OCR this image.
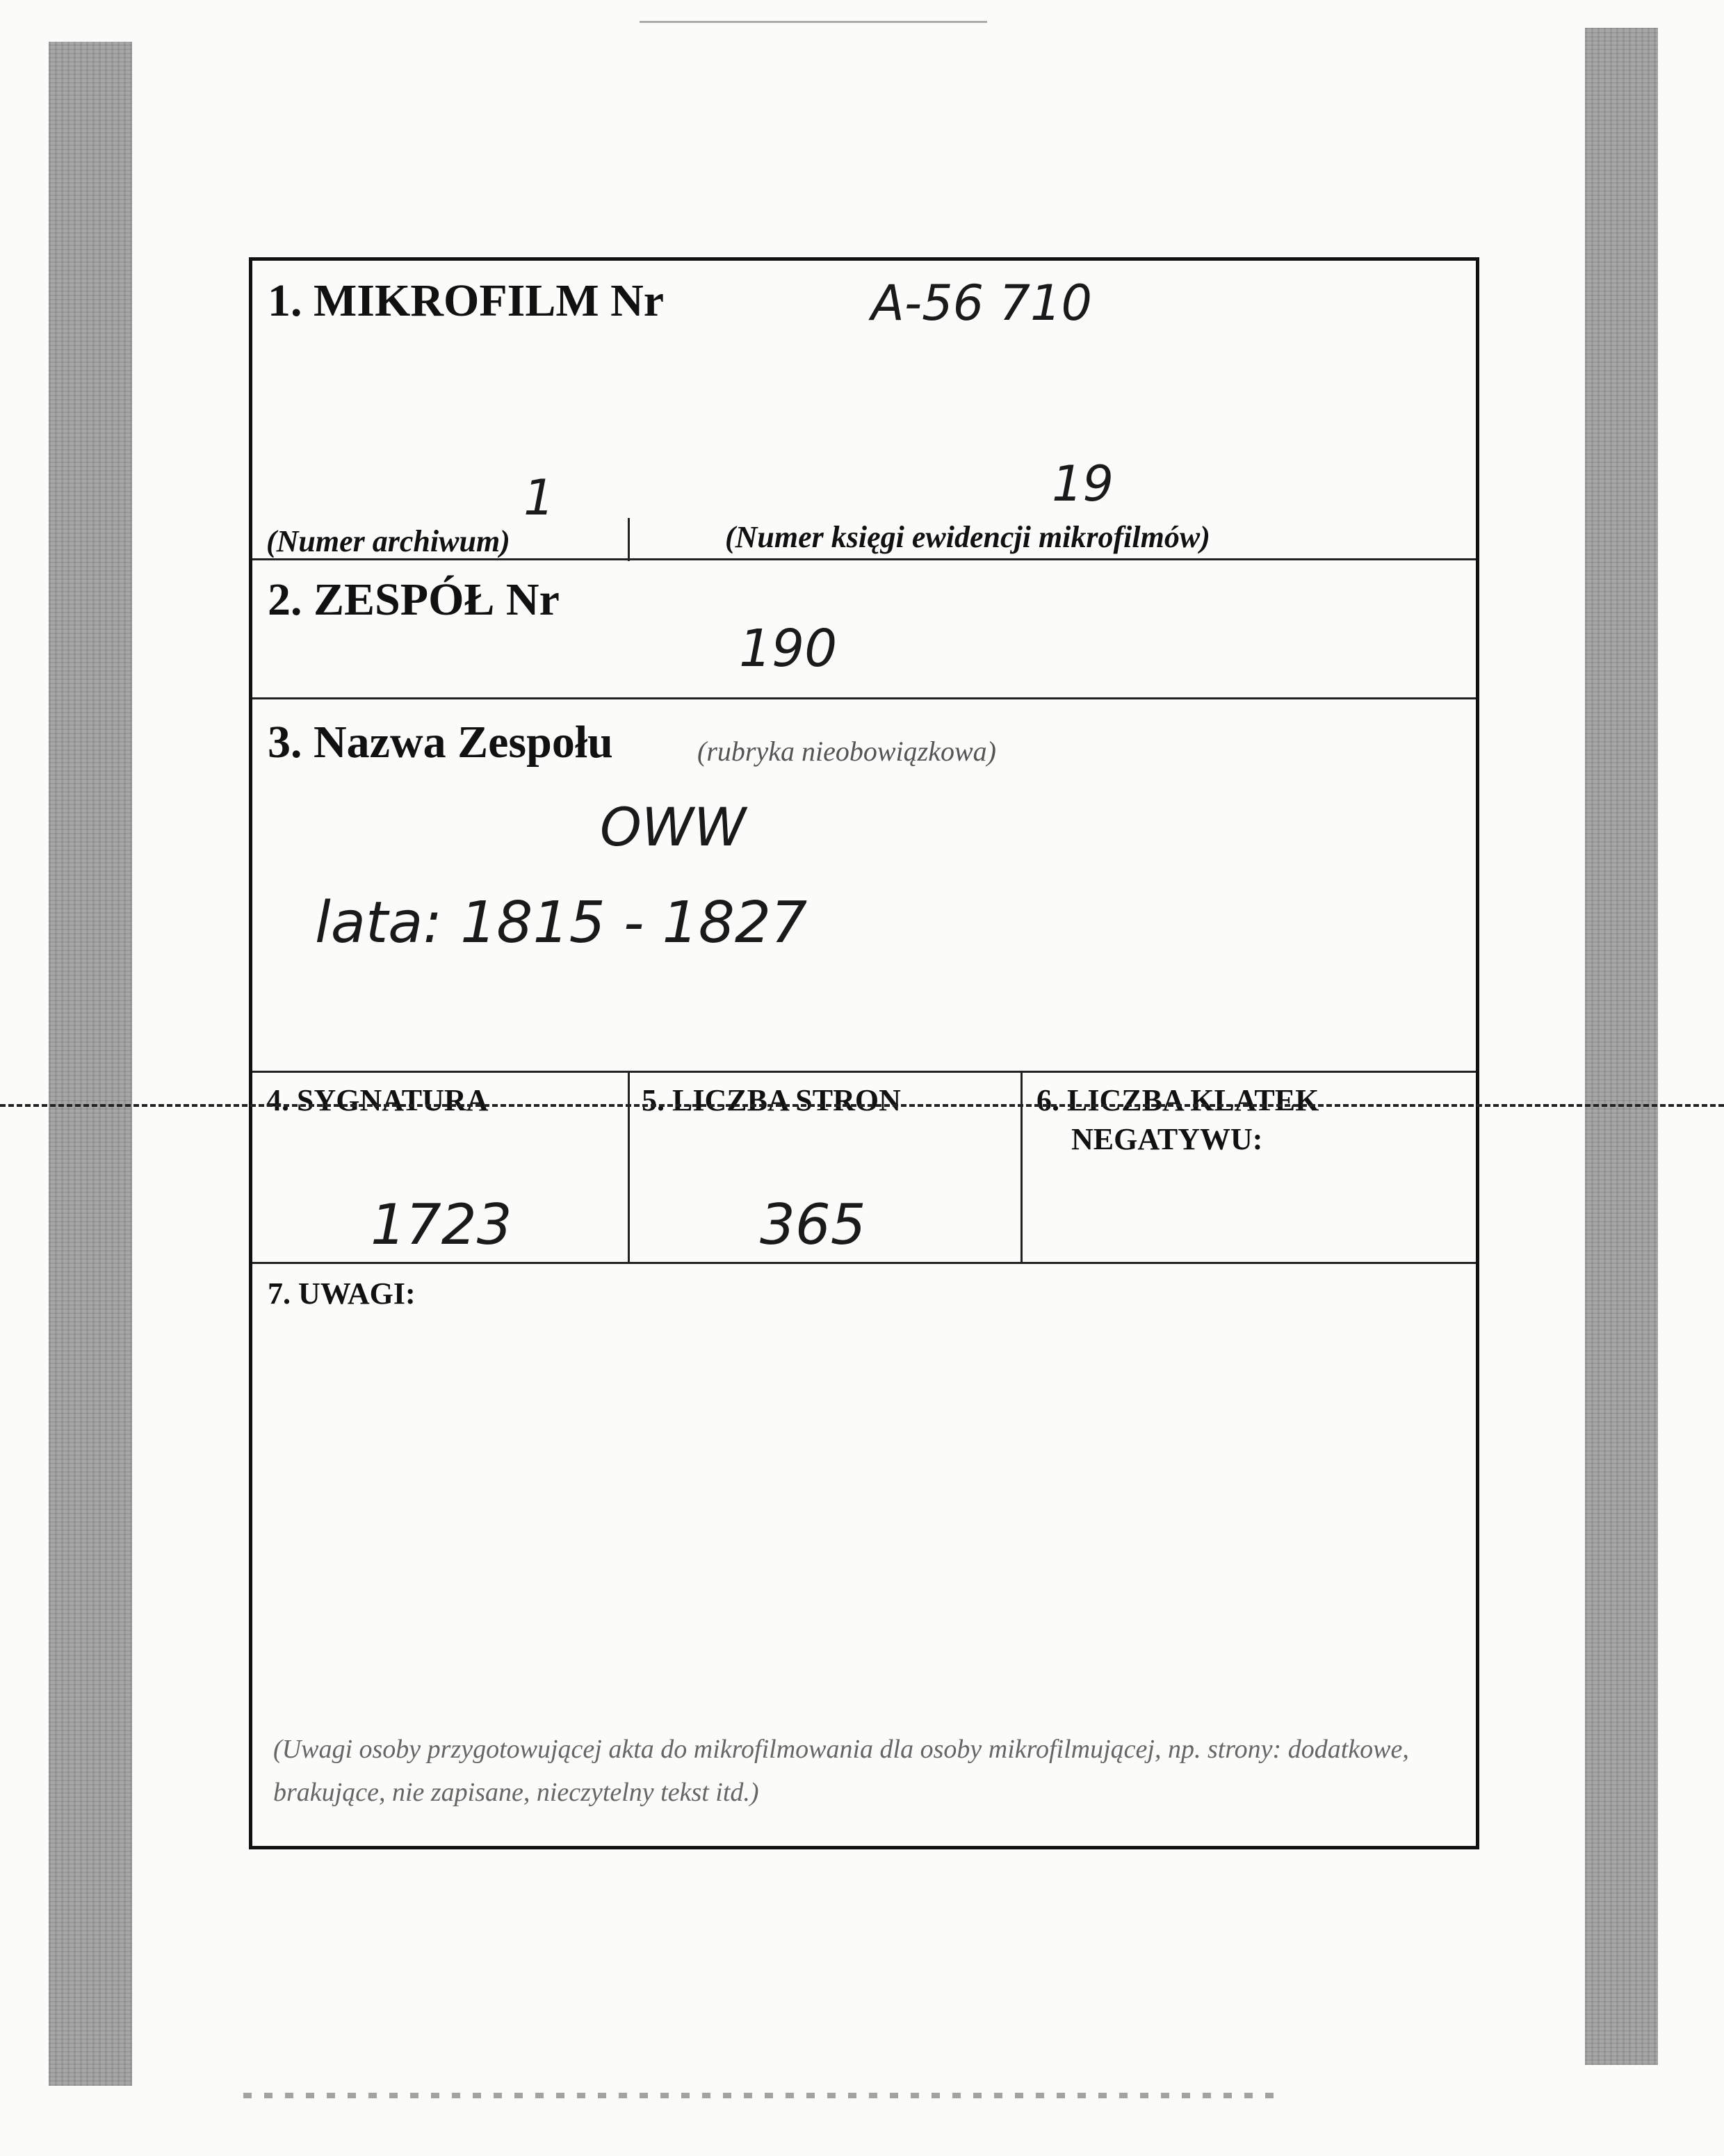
1. MIKROFILM Nr	A-56 710
1	19
(Numer archiwum)	(Numer księgi ewidencji mikrofilmów)
2. ZESPÓŁ Nr
190
3. Nazwa Zespołu	(rubryka nieobowiązkowa)
OWW
lata: 1815 - 1827
4. SYGNATURA	5. LICZBA STRON	6. LICZBA KLATEK
NEGATYWU:
1723	365
7. UWAGI:
(Uwagi osoby przygotowującej akta do mikrofilmowania dla osoby mikrofilmującej, np. strony: dodatkowe, brakujące, nie zapisane, nieczytelny tekst itd.)
